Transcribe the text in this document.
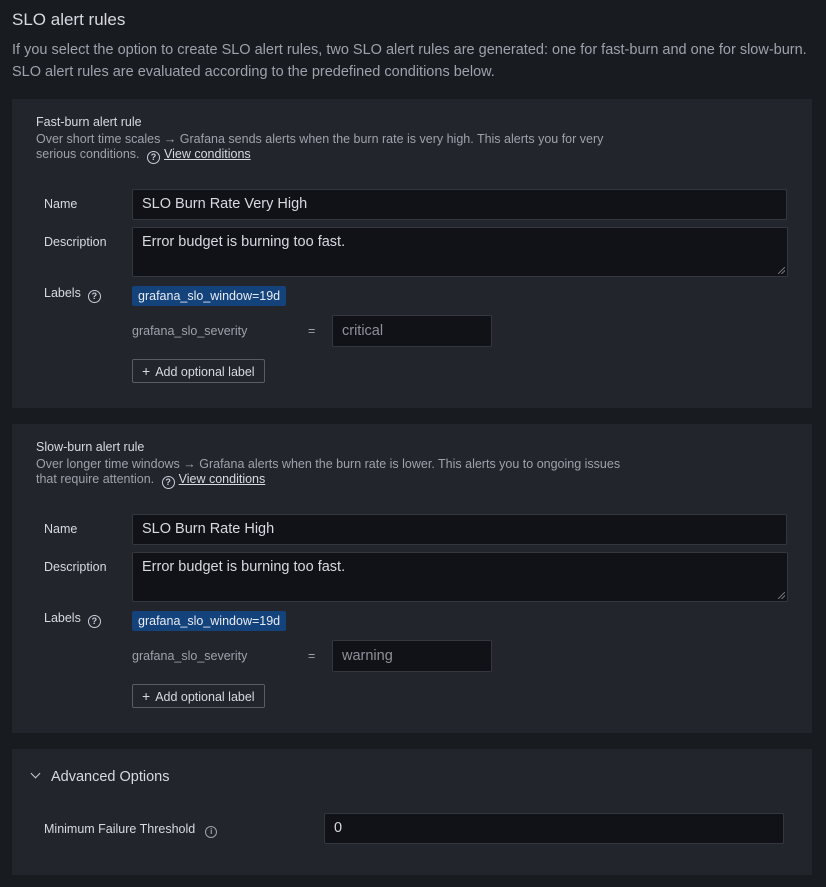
SLO alert rules
If you select the option to create SLO alert rules, two SLO alert rules are generated: one for fast-burn and one for slow-burn. SLO alert rules are evaluated according to the predefined conditions below.
Fast-burn alert rule
Over short time scales → Grafana sends alerts when the burn rate is very high. This alerts you for very
serious conditions. ? View conditions
Name	SLO Burn Rate Very High
Description	Error budget is burning too fast.
Labels ?	grafana_slo_window=19d
grafana_slo_severity	=	critical
+ Add optional label
Slow-burn alert rule
Over longer time windows → Grafana alerts when the burn rate is lower. This alerts you to ongoing issues
that require attention. ? View conditions
Name	SLO Burn Rate High
Description	Error budget is burning too fast.
Labels ?	grafana_slo_window=19d
grafana_slo_severity	=	warning
+ Add optional label
Advanced Options
Minimum Failure Threshold i	0
